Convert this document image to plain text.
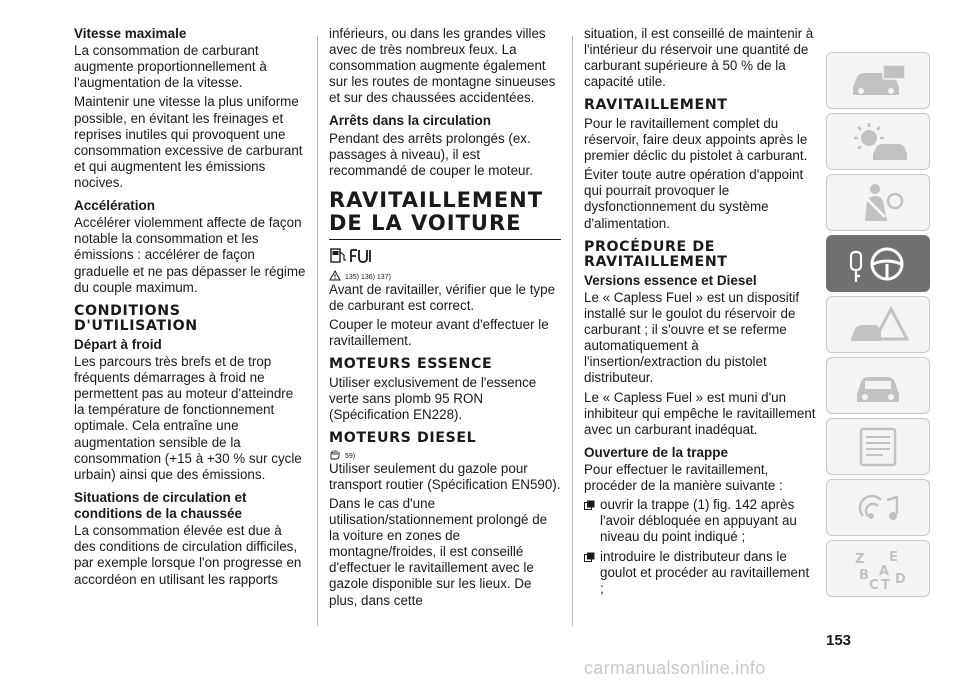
Vitesse maximale

La consommation de carburant augmente proportionnellement à l'augmentation de la vitesse.

Maintenir une vitesse la plus uniforme possible, en évitant les freinages et reprises inutiles qui provoquent une consommation excessive de carburant et qui augmentent les émissions nocives.

Accélération

Accélérer violemment affecte de façon notable la consommation et les émissions : accélérer de façon graduelle et ne pas dépasser le régime du couple maximum.

CONDITIONS D'UTILISATION
Départ à froid

Les parcours très brefs et de trop fréquents démarrages à froid ne permettent pas au moteur d'atteindre la température de fonctionnement optimale. Cela entraîne une augmentation sensible de la consommation (+15 à +30 % sur cycle urbain) ainsi que des émissions.

Situations de circulation et conditions de la chaussée

La consommation élevée est due à des conditions de circulation difficiles, par exemple lorsque l'on progresse en accordéon en utilisant les rapports

inférieurs, ou dans les grandes villes avec de très nombreux feux. La consommation augmente également sur les routes de montagne sinueuses et sur des chaussées accidentées.

Arrêts dans la circulation

Pendant des arrêts prolongés (ex. passages à niveau), il est recommandé de couper le moteur.

RAVITAILLEMENT DE LA VOITURE
135) 136) 137)

Avant de ravitailler, vérifier que le type de carburant est correct.

Couper le moteur avant d'effectuer le ravitaillement.

MOTEURS ESSENCE

Utiliser exclusivement de l'essence verte sans plomb 95 RON (Spécification EN228).

MOTEURS DIESEL
59)

Utiliser seulement du gazole pour transport routier (Spécification EN590).

Dans le cas d'une utilisation/stationnement prolongé de la voiture en zones de montagne/froides, il est conseillé d'effectuer le ravitaillement avec le gazole disponible sur les lieux. De plus, dans cette

situation, il est conseillé de maintenir à l'intérieur du réservoir une quantité de carburant supérieure à 50 % de la capacité utile.

RAVITAILLEMENT

Pour le ravitaillement complet du réservoir, faire deux appoints après le premier déclic du pistolet à carburant.

Éviter toute autre opération d'appoint qui pourrait provoquer le dysfonctionnement du système d'alimentation.

PROCÉDURE DE RAVITAILLEMENT
Versions essence et Diesel

Le « Capless Fuel » est un dispositif installé sur le goulot du réservoir de carburant ; il s'ouvre et se referme automatiquement à l'insertion/extraction du pistolet distributeur.

Le « Capless Fuel » est muni d'un inhibiteur qui empêche le ravitaillement avec un carburant inadéquat.

Ouverture de la trappe

Pour effectuer le ravitaillement, procéder de la manière suivante :

ouvrir la trappe (1) fig. 142 après l'avoir débloquée en appuyant au niveau du point indiqué ;

introduire le distributeur dans le goulot et procéder au ravitaillement ;

Z E
B A
C T D
153
carmanualsonline.info
